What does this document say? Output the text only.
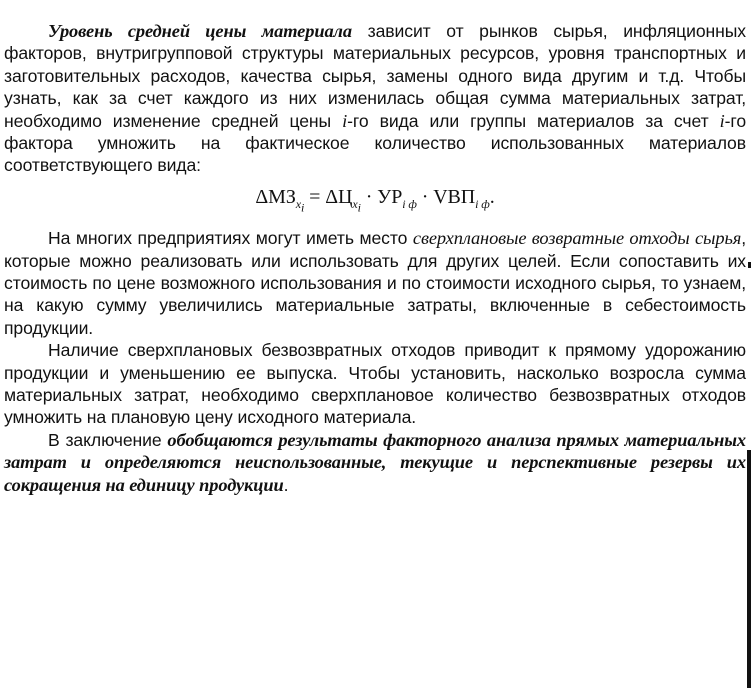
Уровень средней цены материала зависит от рынков сырья, инфляционных факторов, внутригрупповой структуры материальных ресурсов, уровня транспортных и заготовительных расходов, качества сырья, замены одного вида другим и т.д. Чтобы узнать, как за счет каждого из них изменилась общая сумма материальных затрат, необходимо изменение средней цены i-го вида или группы материалов за счет i-го фактора умножить на фактическое количество использованных материалов соответствующего вида:

$\Delta МЗ_{x_i} = \Delta Ц_{x_i} \cdot УР_{i ф} \cdot VВП_{i ф}$.

На многих предприятиях могут иметь место сверхплановые возвратные отходы сырья, которые можно реализовать или использовать для других целей. Если сопоставить их стоимость по цене возможного использования и по стоимости исходного сырья, то узнаем, на какую сумму увеличились материальные затраты, включенные в себестоимость продукции.

Наличие сверхплановых безвозвратных отходов приводит к прямому удорожанию продукции и уменьшению ее выпуска. Чтобы установить, насколько возросла сумма материальных затрат, необходимо сверхплановое количество безвозвратных отходов умножить на плановую цену исходного материала.

В заключение обобщаются результаты факторного анализа прямых материальных затрат и определяются неиспользованные, текущие и перспективные резервы их сокращения на единицу продукции.
